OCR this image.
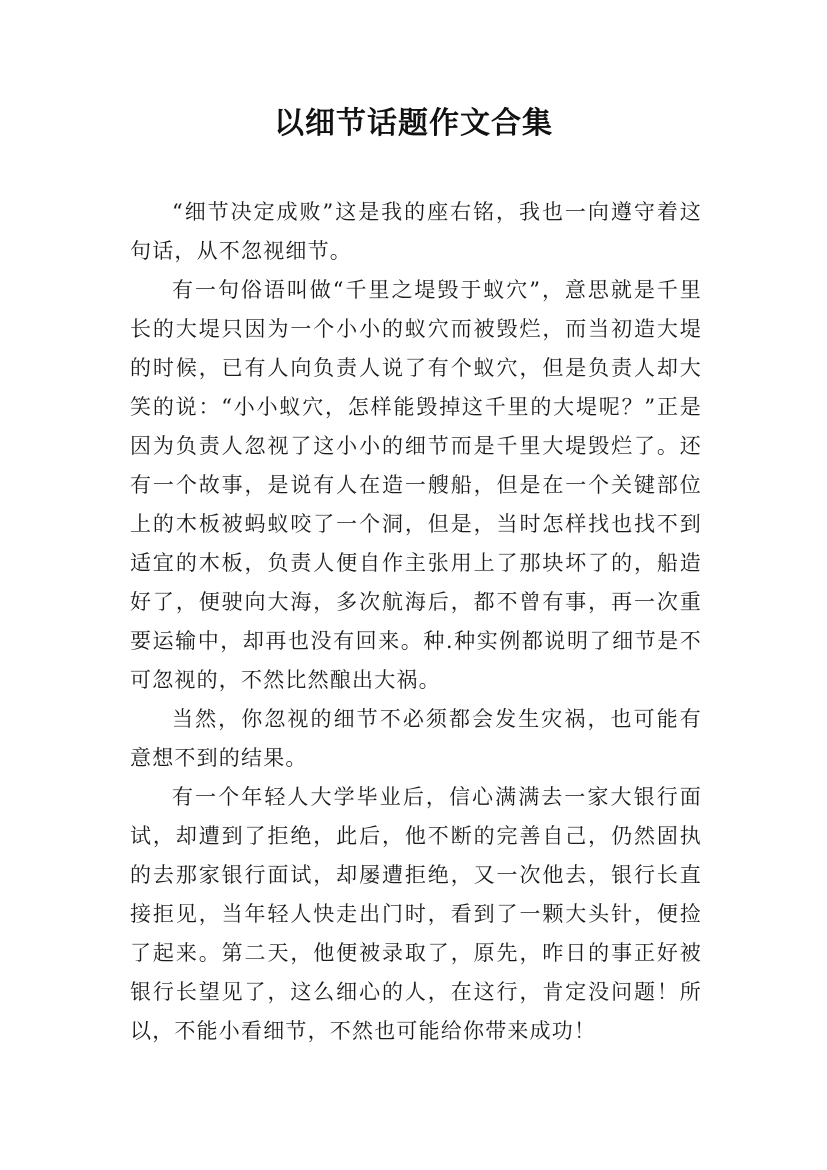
以细节话题作文合集

“细节决定成败”这是我的座右铭，我也一向遵守着这句话，从不忽视细节。

有一句俗语叫做“千里之堤毁于蚁穴”，意思就是千里长的大堤只因为一个小小的蚁穴而被毁烂，而当初造大堤的时候，已有人向负责人说了有个蚁穴，但是负责人却大笑的说：“小小蚁穴，怎样能毁掉这千里的大堤呢？”正是因为负责人忽视了这小小的细节而是千里大堤毁烂了。还有一个故事，是说有人在造一艘船，但是在一个关键部位上的木板被蚂蚁咬了一个洞，但是，当时怎样找也找不到适宜的木板，负责人便自作主张用上了那块坏了的，船造好了，便驶向大海，多次航海后，都不曾有事，再一次重要运输中，却再也没有回来。种.种实例都说明了细节是不可忽视的，不然比然酿出大祸。

当然，你忽视的细节不必须都会发生灾祸，也可能有意想不到的结果。

有一个年轻人大学毕业后，信心满满去一家大银行面试，却遭到了拒绝，此后，他不断的完善自己，仍然固执的去那家银行面试，却屡遭拒绝，又一次他去，银行长直接拒见，当年轻人快走出门时，看到了一颗大头针，便捡了起来。第二天，他便被录取了，原先，昨日的事正好被银行长望见了，这么细心的人，在这行，肯定没问题！所以，不能小看细节，不然也可能给你带来成功！
